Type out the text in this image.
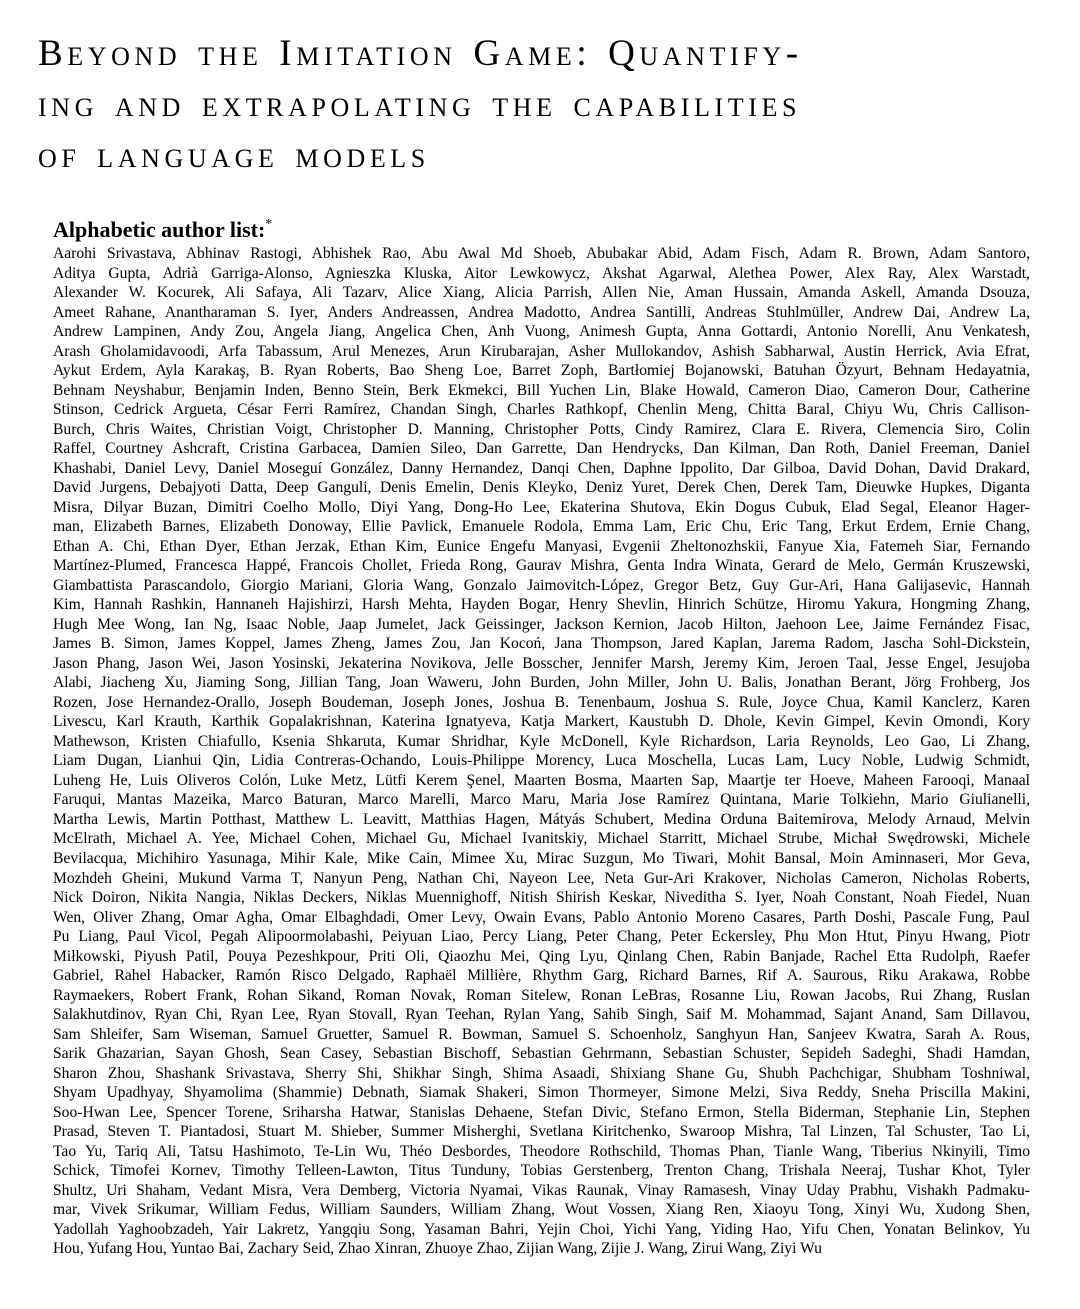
Beyond the Imitation Game: Quantify-
ing and extrapolating the capabilities
of language models
Alphabetic author list:*
Aarohi Srivastava, Abhinav Rastogi, Abhishek Rao, Abu Awal Md Shoeb, Abubakar Abid, Adam Fisch, Adam R. Brown, Adam Santoro,
Aditya Gupta, Adrià Garriga-Alonso, Agnieszka Kluska, Aitor Lewkowycz, Akshat Agarwal, Alethea Power, Alex Ray, Alex Warstadt,
Alexander W. Kocurek, Ali Safaya, Ali Tazarv, Alice Xiang, Alicia Parrish, Allen Nie, Aman Hussain, Amanda Askell, Amanda Dsouza,
Ameet Rahane, Anantharaman S. Iyer, Anders Andreassen, Andrea Madotto, Andrea Santilli, Andreas Stuhlmüller, Andrew Dai, Andrew La,
Andrew Lampinen, Andy Zou, Angela Jiang, Angelica Chen, Anh Vuong, Animesh Gupta, Anna Gottardi, Antonio Norelli, Anu Venkatesh,
Arash Gholamidavoodi, Arfa Tabassum, Arul Menezes, Arun Kirubarajan, Asher Mullokandov, Ashish Sabharwal, Austin Herrick, Avia Efrat,
Aykut Erdem, Ayla Karakaş, B. Ryan Roberts, Bao Sheng Loe, Barret Zoph, Bartłomiej Bojanowski, Batuhan Özyurt, Behnam Hedayatnia,
Behnam Neyshabur, Benjamin Inden, Benno Stein, Berk Ekmekci, Bill Yuchen Lin, Blake Howald, Cameron Diao, Cameron Dour, Catherine
Stinson, Cedrick Argueta, César Ferri Ramírez, Chandan Singh, Charles Rathkopf, Chenlin Meng, Chitta Baral, Chiyu Wu, Chris Callison-
Burch, Chris Waites, Christian Voigt, Christopher D. Manning, Christopher Potts, Cindy Ramirez, Clara E. Rivera, Clemencia Siro, Colin
Raffel, Courtney Ashcraft, Cristina Garbacea, Damien Sileo, Dan Garrette, Dan Hendrycks, Dan Kilman, Dan Roth, Daniel Freeman, Daniel
Khashabi, Daniel Levy, Daniel Moseguí González, Danny Hernandez, Danqi Chen, Daphne Ippolito, Dar Gilboa, David Dohan, David Drakard,
David Jurgens, Debajyoti Datta, Deep Ganguli, Denis Emelin, Denis Kleyko, Deniz Yuret, Derek Chen, Derek Tam, Dieuwke Hupkes, Diganta
Misra, Dilyar Buzan, Dimitri Coelho Mollo, Diyi Yang, Dong-Ho Lee, Ekaterina Shutova, Ekin Dogus Cubuk, Elad Segal, Eleanor Hager-
man, Elizabeth Barnes, Elizabeth Donoway, Ellie Pavlick, Emanuele Rodola, Emma Lam, Eric Chu, Eric Tang, Erkut Erdem, Ernie Chang,
Ethan A. Chi, Ethan Dyer, Ethan Jerzak, Ethan Kim, Eunice Engefu Manyasi, Evgenii Zheltonozhskii, Fanyue Xia, Fatemeh Siar, Fernando
Martínez-Plumed, Francesca Happé, Francois Chollet, Frieda Rong, Gaurav Mishra, Genta Indra Winata, Gerard de Melo, Germán Kruszewski,
Giambattista Parascandolo, Giorgio Mariani, Gloria Wang, Gonzalo Jaimovitch-López, Gregor Betz, Guy Gur-Ari, Hana Galijasevic, Hannah
Kim, Hannah Rashkin, Hannaneh Hajishirzi, Harsh Mehta, Hayden Bogar, Henry Shevlin, Hinrich Schütze, Hiromu Yakura, Hongming Zhang,
Hugh Mee Wong, Ian Ng, Isaac Noble, Jaap Jumelet, Jack Geissinger, Jackson Kernion, Jacob Hilton, Jaehoon Lee, Jaime Fernández Fisac,
James B. Simon, James Koppel, James Zheng, James Zou, Jan Kocoń, Jana Thompson, Jared Kaplan, Jarema Radom, Jascha Sohl-Dickstein,
Jason Phang, Jason Wei, Jason Yosinski, Jekaterina Novikova, Jelle Bosscher, Jennifer Marsh, Jeremy Kim, Jeroen Taal, Jesse Engel, Jesujoba
Alabi, Jiacheng Xu, Jiaming Song, Jillian Tang, Joan Waweru, John Burden, John Miller, John U. Balis, Jonathan Berant, Jörg Frohberg, Jos
Rozen, Jose Hernandez-Orallo, Joseph Boudeman, Joseph Jones, Joshua B. Tenenbaum, Joshua S. Rule, Joyce Chua, Kamil Kanclerz, Karen
Livescu, Karl Krauth, Karthik Gopalakrishnan, Katerina Ignatyeva, Katja Markert, Kaustubh D. Dhole, Kevin Gimpel, Kevin Omondi, Kory
Mathewson, Kristen Chiafullo, Ksenia Shkaruta, Kumar Shridhar, Kyle McDonell, Kyle Richardson, Laria Reynolds, Leo Gao, Li Zhang,
Liam Dugan, Lianhui Qin, Lidia Contreras-Ochando, Louis-Philippe Morency, Luca Moschella, Lucas Lam, Lucy Noble, Ludwig Schmidt,
Luheng He, Luis Oliveros Colón, Luke Metz, Lütfi Kerem Şenel, Maarten Bosma, Maarten Sap, Maartje ter Hoeve, Maheen Farooqi, Manaal
Faruqui, Mantas Mazeika, Marco Baturan, Marco Marelli, Marco Maru, Maria Jose Ramírez Quintana, Marie Tolkiehn, Mario Giulianelli,
Martha Lewis, Martin Potthast, Matthew L. Leavitt, Matthias Hagen, Mátyás Schubert, Medina Orduna Baitemirova, Melody Arnaud, Melvin
McElrath, Michael A. Yee, Michael Cohen, Michael Gu, Michael Ivanitskiy, Michael Starritt, Michael Strube, Michał Swędrowski, Michele
Bevilacqua, Michihiro Yasunaga, Mihir Kale, Mike Cain, Mimee Xu, Mirac Suzgun, Mo Tiwari, Mohit Bansal, Moin Aminnaseri, Mor Geva,
Mozhdeh Gheini, Mukund Varma T, Nanyun Peng, Nathan Chi, Nayeon Lee, Neta Gur-Ari Krakover, Nicholas Cameron, Nicholas Roberts,
Nick Doiron, Nikita Nangia, Niklas Deckers, Niklas Muennighoff, Nitish Shirish Keskar, Niveditha S. Iyer, Noah Constant, Noah Fiedel, Nuan
Wen, Oliver Zhang, Omar Agha, Omar Elbaghdadi, Omer Levy, Owain Evans, Pablo Antonio Moreno Casares, Parth Doshi, Pascale Fung, Paul
Pu Liang, Paul Vicol, Pegah Alipoormolabashi, Peiyuan Liao, Percy Liang, Peter Chang, Peter Eckersley, Phu Mon Htut, Pinyu Hwang, Piotr
Miłkowski, Piyush Patil, Pouya Pezeshkpour, Priti Oli, Qiaozhu Mei, Qing Lyu, Qinlang Chen, Rabin Banjade, Rachel Etta Rudolph, Raefer
Gabriel, Rahel Habacker, Ramón Risco Delgado, Raphaël Millière, Rhythm Garg, Richard Barnes, Rif A. Saurous, Riku Arakawa, Robbe
Raymaekers, Robert Frank, Rohan Sikand, Roman Novak, Roman Sitelew, Ronan LeBras, Rosanne Liu, Rowan Jacobs, Rui Zhang, Ruslan
Salakhutdinov, Ryan Chi, Ryan Lee, Ryan Stovall, Ryan Teehan, Rylan Yang, Sahib Singh, Saif M. Mohammad, Sajant Anand, Sam Dillavou,
Sam Shleifer, Sam Wiseman, Samuel Gruetter, Samuel R. Bowman, Samuel S. Schoenholz, Sanghyun Han, Sanjeev Kwatra, Sarah A. Rous,
Sarik Ghazarian, Sayan Ghosh, Sean Casey, Sebastian Bischoff, Sebastian Gehrmann, Sebastian Schuster, Sepideh Sadeghi, Shadi Hamdan,
Sharon Zhou, Shashank Srivastava, Sherry Shi, Shikhar Singh, Shima Asaadi, Shixiang Shane Gu, Shubh Pachchigar, Shubham Toshniwal,
Shyam Upadhyay, Shyamolima (Shammie) Debnath, Siamak Shakeri, Simon Thormeyer, Simone Melzi, Siva Reddy, Sneha Priscilla Makini,
Soo-Hwan Lee, Spencer Torene, Sriharsha Hatwar, Stanislas Dehaene, Stefan Divic, Stefano Ermon, Stella Biderman, Stephanie Lin, Stephen
Prasad, Steven T. Piantadosi, Stuart M. Shieber, Summer Misherghi, Svetlana Kiritchenko, Swaroop Mishra, Tal Linzen, Tal Schuster, Tao Li,
Tao Yu, Tariq Ali, Tatsu Hashimoto, Te-Lin Wu, Théo Desbordes, Theodore Rothschild, Thomas Phan, Tianle Wang, Tiberius Nkinyili, Timo
Schick, Timofei Kornev, Timothy Telleen-Lawton, Titus Tunduny, Tobias Gerstenberg, Trenton Chang, Trishala Neeraj, Tushar Khot, Tyler
Shultz, Uri Shaham, Vedant Misra, Vera Demberg, Victoria Nyamai, Vikas Raunak, Vinay Ramasesh, Vinay Uday Prabhu, Vishakh Padmaku-
mar, Vivek Srikumar, William Fedus, William Saunders, William Zhang, Wout Vossen, Xiang Ren, Xiaoyu Tong, Xinyi Wu, Xudong Shen,
Yadollah Yaghoobzadeh, Yair Lakretz, Yangqiu Song, Yasaman Bahri, Yejin Choi, Yichi Yang, Yiding Hao, Yifu Chen, Yonatan Belinkov, Yu
Hou, Yufang Hou, Yuntao Bai, Zachary Seid, Zhao Xinran, Zhuoye Zhao, Zijian Wang, Zijie J. Wang, Zirui Wang, Ziyi Wu
